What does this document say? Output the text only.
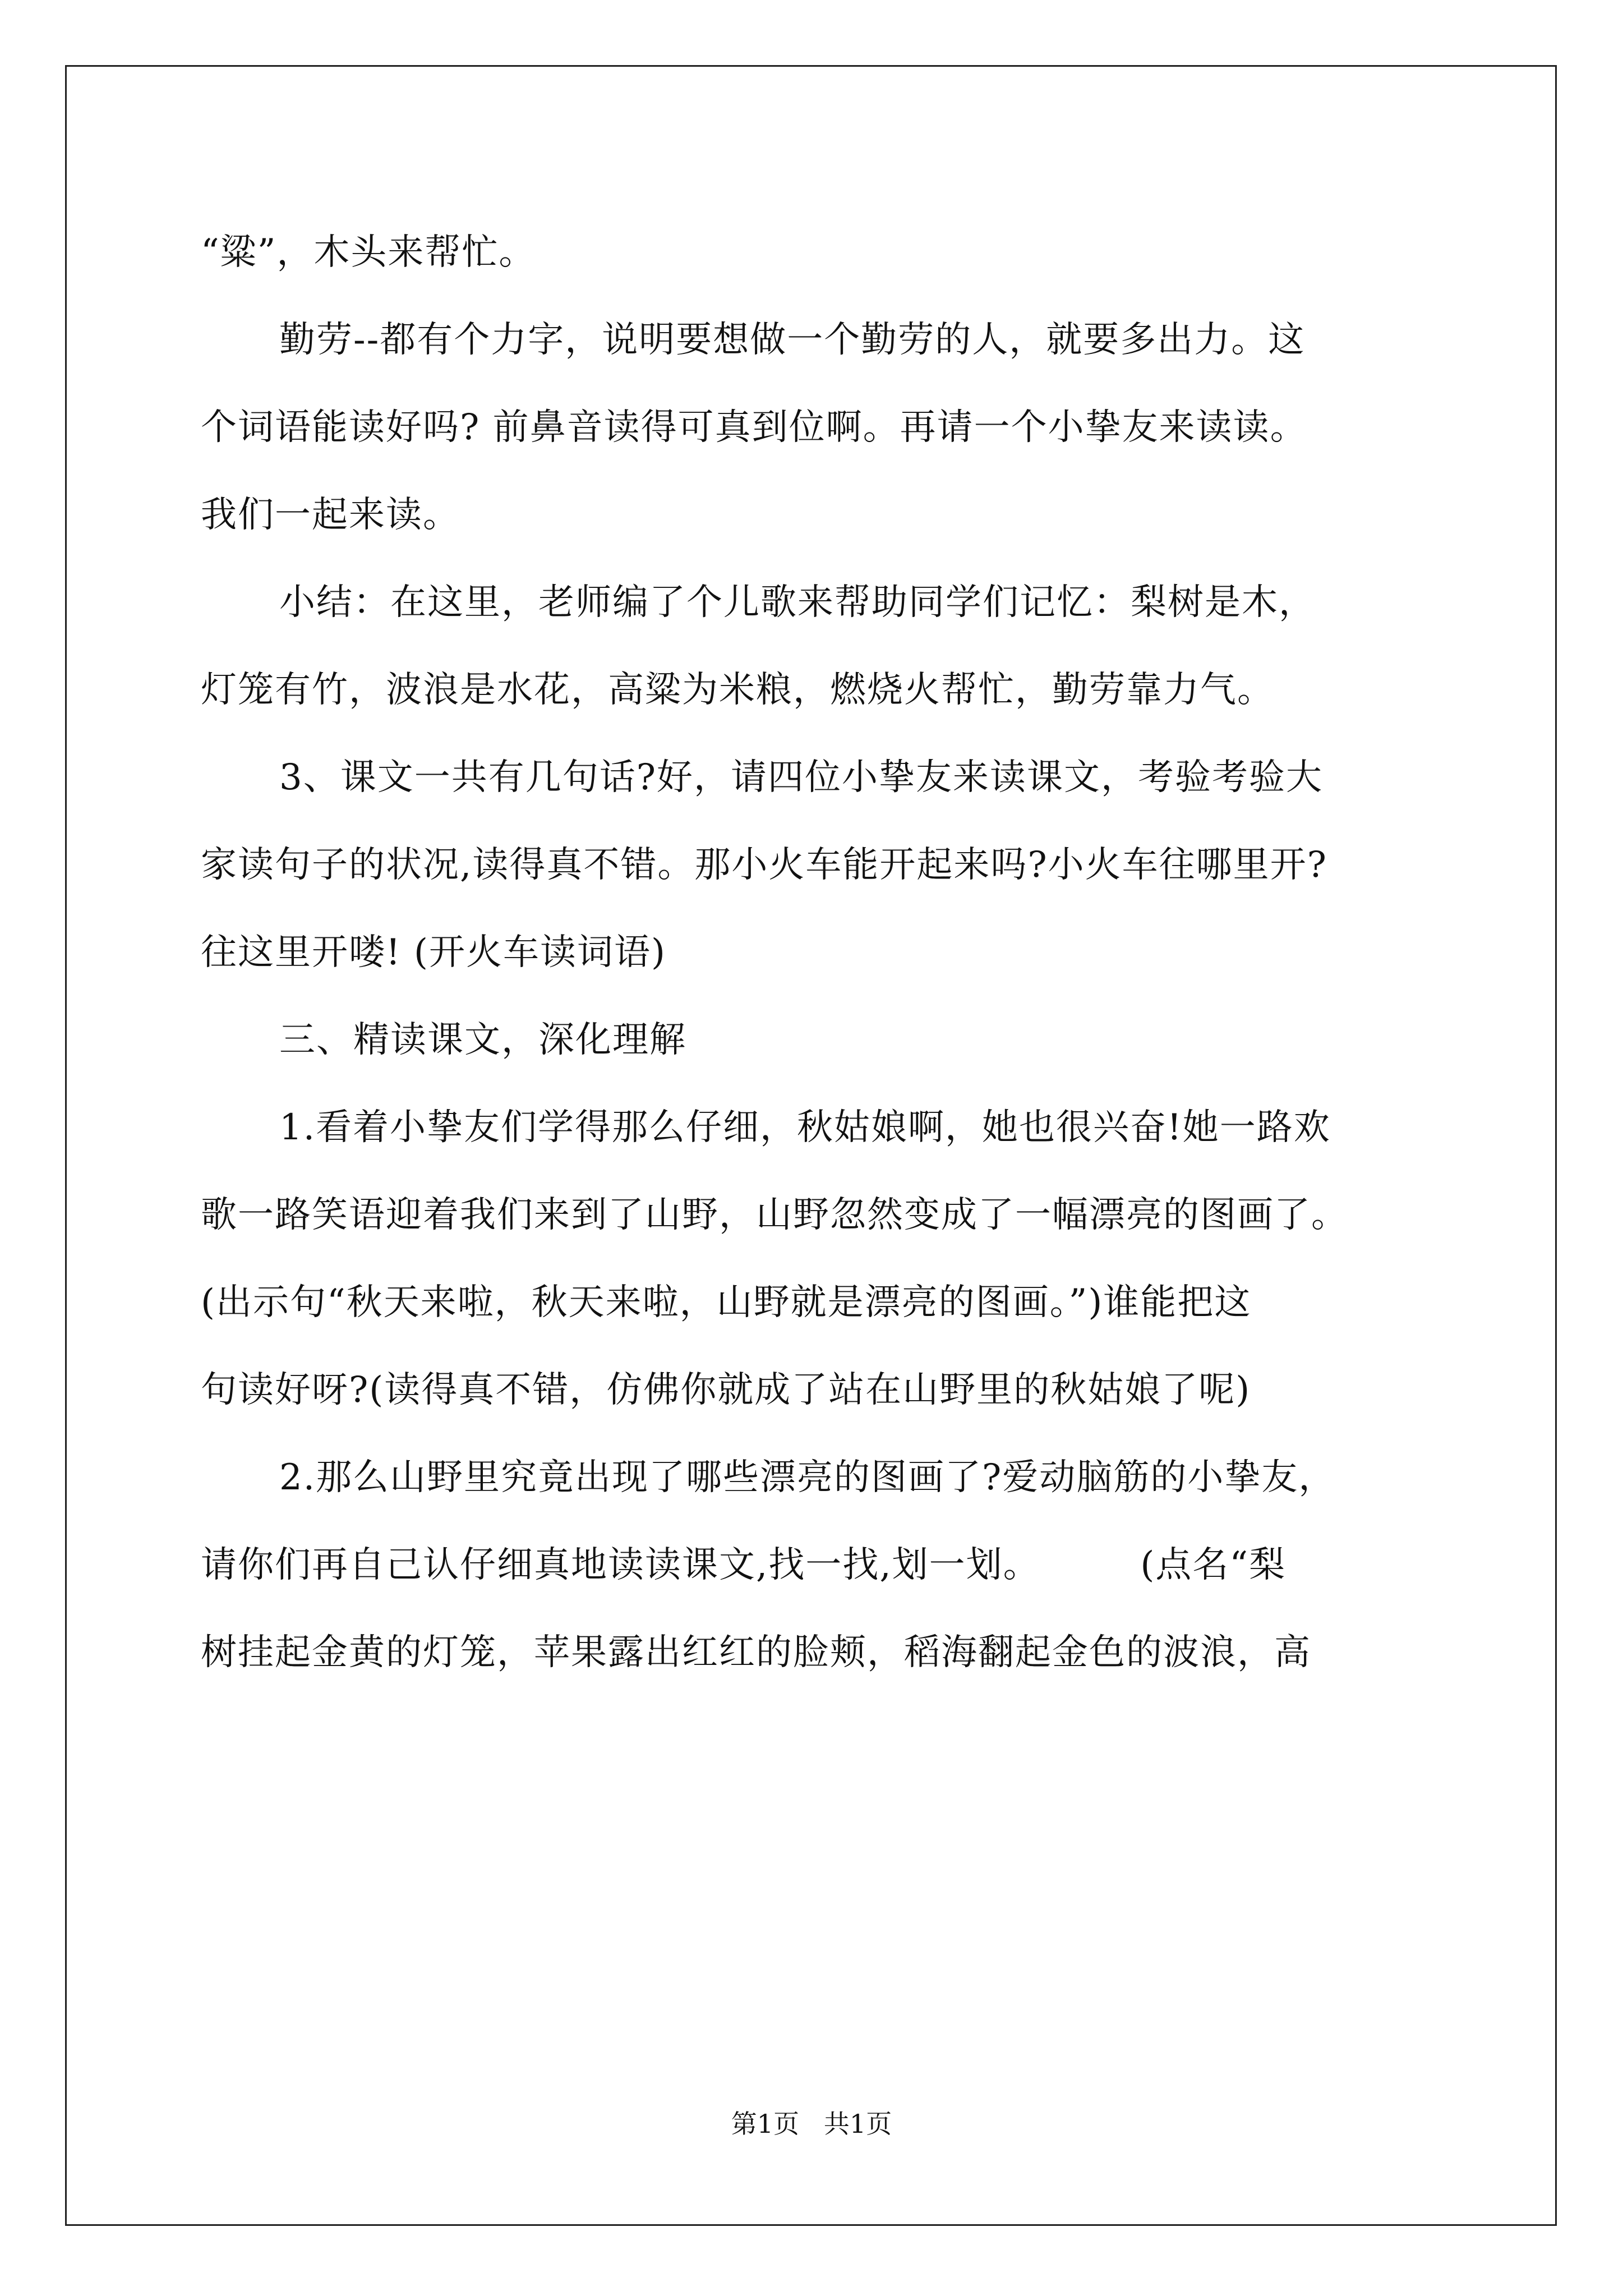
“粱”，木头来帮忙。

勤劳--都有个力字，说明要想做一个勤劳的人，就要多出力。这
个词语能读好吗? 前鼻音读得可真到位啊。再请一个小挚友来读读。
我们一起来读。

小结：在这里，老师编了个儿歌来帮助同学们记忆：梨树是木，
灯笼有竹，波浪是水花，高粱为米粮，燃烧火帮忙，勤劳靠力气。

3、课文一共有几句话?好，请四位小挚友来读课文，考验考验大
家读句子的状况,读得真不错。那小火车能开起来吗?小火车往哪里开?
往这里开喽! (开火车读词语)

三、精读课文，深化理解

1.看着小挚友们学得那么仔细，秋姑娘啊，她也很兴奋!她一路欢
歌一路笑语迎着我们来到了山野，山野忽然变成了一幅漂亮的图画了。
(出示句“秋天来啦，秋天来啦，山野就是漂亮的图画。”)谁能把这
句读好呀?(读得真不错，仿佛你就成了站在山野里的秋姑娘了呢)

2.那么山野里究竟出现了哪些漂亮的图画了?爱动脑筋的小挚友，
请你们再自己认仔细真地读读课文,找一找,划一划。        (点名“梨
树挂起金黄的灯笼，苹果露出红红的脸颊，稻海翻起金色的波浪，高

第1页   共1页
